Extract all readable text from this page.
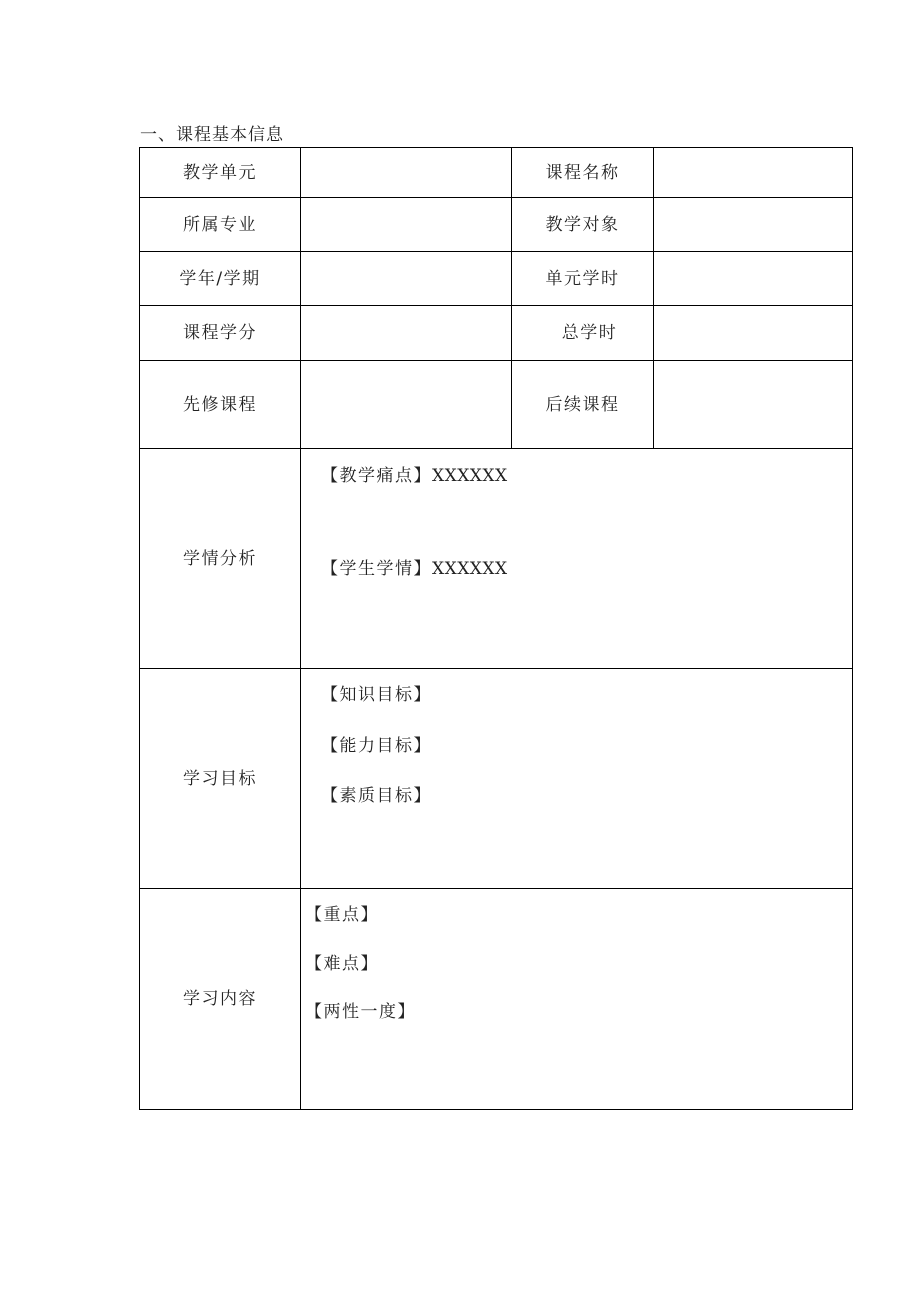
一、课程基本信息
教学单元		课程名称	
所属专业		教学对象	
学年/学期		单元学时	
课程学分		总学时	
先修课程		后续课程	
学情分析	【教学痛点】XXXXXX
【学生学情】XXXXXX		

学习目标	【知识目标】
【能力目标】
【素质目标】		

学习内容	【重点】
【难点】
【两性一度】		
